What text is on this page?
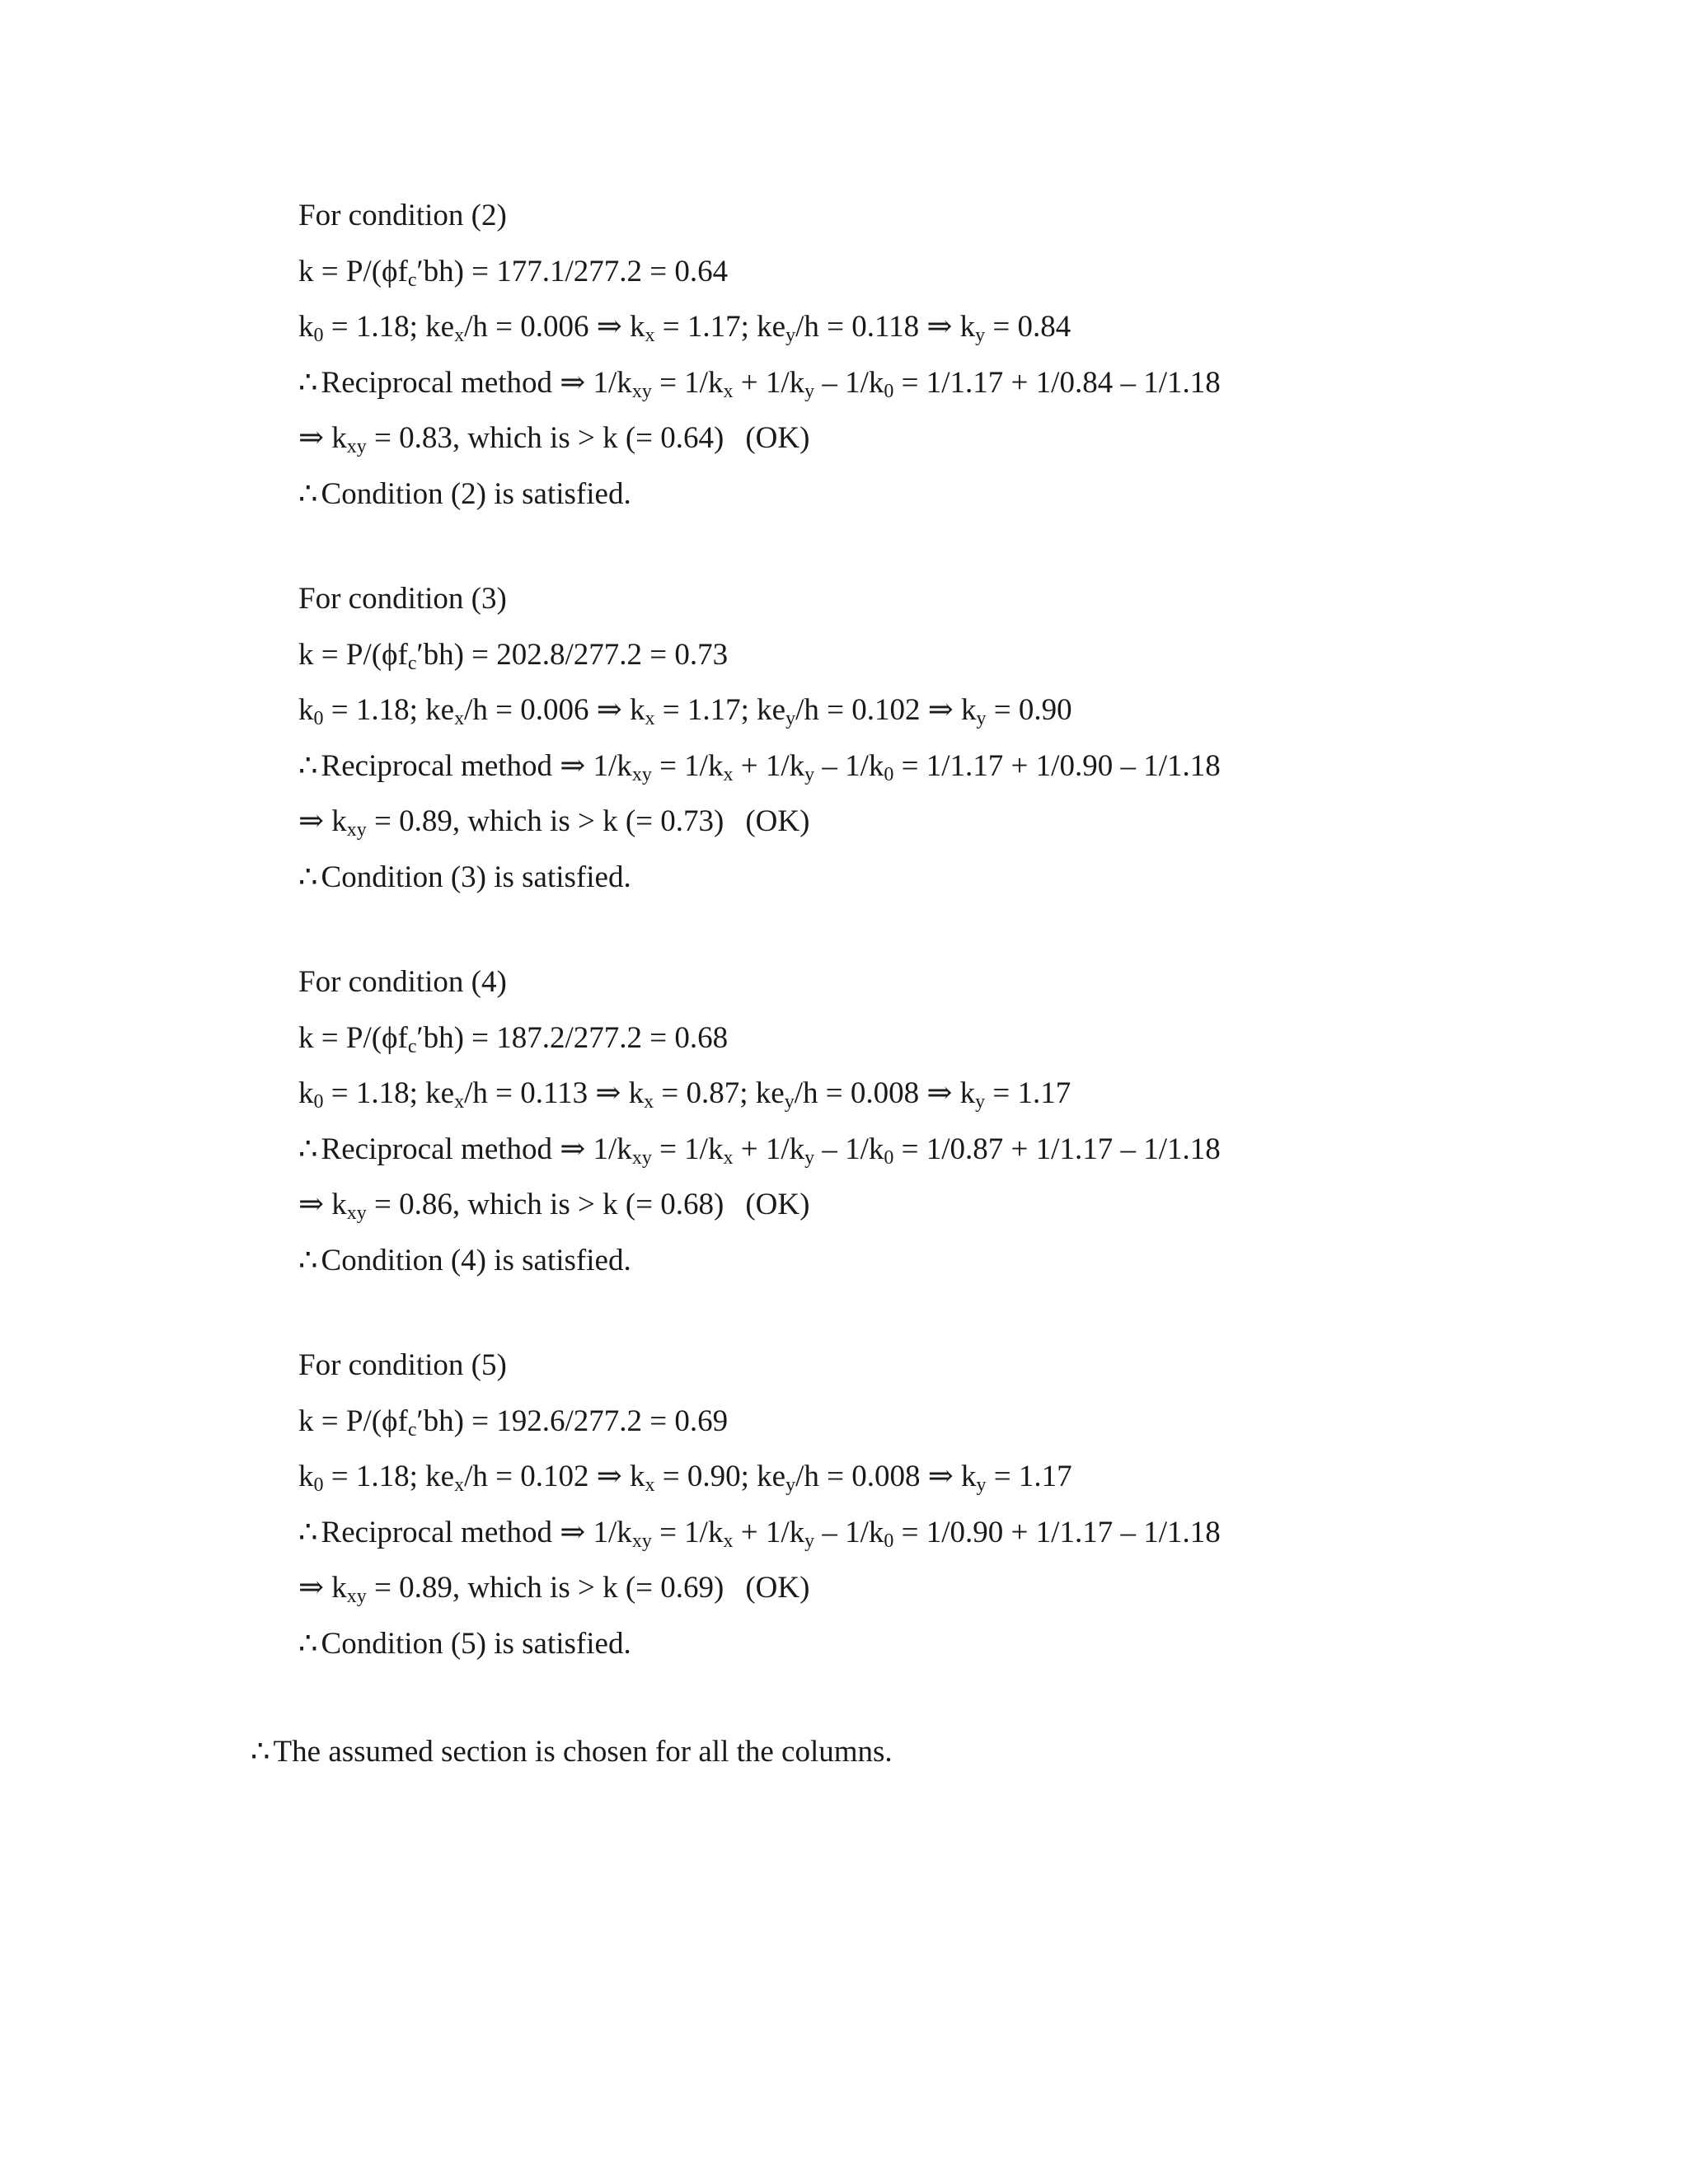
For condition (2)
$k = P/(\phi f_c'bh) = 177.1/277.2 = 0.64$
$k_0 = 1.18$; $ke_x/h = 0.006$ ⇒ $k_x = 1.17$; $ke_y/h = 0.118$ ⇒ $k_y = 0.84$
∴ Reciprocal method ⇒ $1/k_{xy} = 1/k_x + 1/k_y - 1/k_0 = 1/1.17 + 1/0.84 - 1/1.18$
⇒ $k_{xy} = 0.83$, which is > k (= 0.64) (OK)
∴ Condition (2) is satisfied.
For condition (3)
$k = P/(\phi f_c'bh) = 202.8/277.2 = 0.73$
$k_0 = 1.18$; $ke_x/h = 0.006$ ⇒ $k_x = 1.17$; $ke_y/h = 0.102$ ⇒ $k_y = 0.90$
∴ Reciprocal method ⇒ $1/k_{xy} = 1/k_x + 1/k_y - 1/k_0 = 1/1.17 + 1/0.90 - 1/1.18$
⇒ $k_{xy} = 0.89$, which is > k (= 0.73) (OK)
∴ Condition (3) is satisfied.
For condition (4)
$k = P/(\phi f_c'bh) = 187.2/277.2 = 0.68$
$k_0 = 1.18$; $ke_x/h = 0.113$ ⇒ $k_x = 0.87$; $ke_y/h = 0.008$ ⇒ $k_y = 1.17$
∴ Reciprocal method ⇒ $1/k_{xy} = 1/k_x + 1/k_y - 1/k_0 = 1/0.87 + 1/1.17 - 1/1.18$
⇒ $k_{xy} = 0.86$, which is > k (= 0.68) (OK)
∴ Condition (4) is satisfied.
For condition (5)
$k = P/(\phi f_c'bh) = 192.6/277.2 = 0.69$
$k_0 = 1.18$; $ke_x/h = 0.102$ ⇒ $k_x = 0.90$; $ke_y/h = 0.008$ ⇒ $k_y = 1.17$
∴ Reciprocal method ⇒ $1/k_{xy} = 1/k_x + 1/k_y - 1/k_0 = 1/0.90 + 1/1.17 - 1/1.18$
⇒ $k_{xy} = 0.89$, which is > k (= 0.69) (OK)
∴ Condition (5) is satisfied.
∴ The assumed section is chosen for all the columns.
